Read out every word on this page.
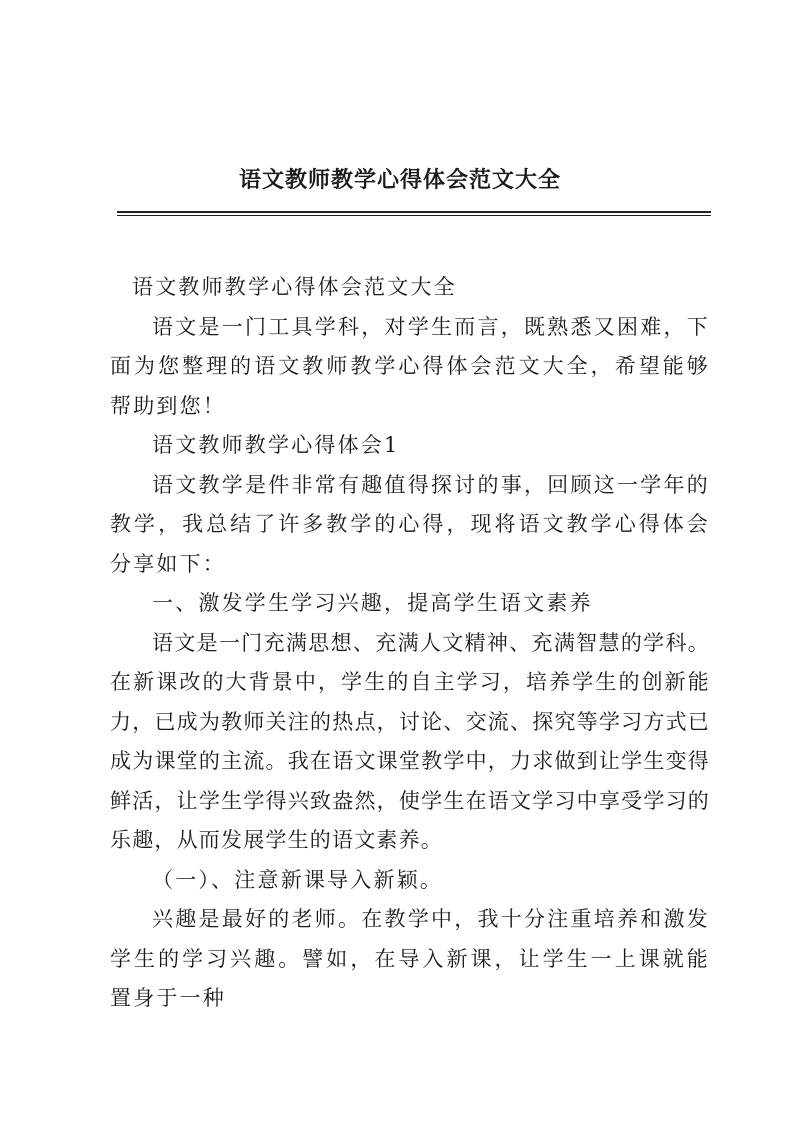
语文教师教学心得体会范文大全

语文教师教学心得体会范文大全

语文是一门工具学科，对学生而言，既熟悉又困难，下面为您整理的语文教师教学心得体会范文大全，希望能够帮助到您！

语文教师教学心得体会1

语文教学是件非常有趣值得探讨的事，回顾这一学年的教学，我总结了许多教学的心得，现将语文教学心得体会分享如下：

一、激发学生学习兴趣，提高学生语文素养

语文是一门充满思想、充满人文精神、充满智慧的学科。在新课改的大背景中，学生的自主学习，培养学生的创新能力，已成为教师关注的热点，讨论、交流、探究等学习方式已成为课堂的主流。我在语文课堂教学中，力求做到让学生变得鲜活，让学生学得兴致盎然，使学生在语文学习中享受学习的乐趣，从而发展学生的语文素养。

（一）、注意新课导入新颖。

兴趣是最好的老师。在教学中，我十分注重培养和激发学生的学习兴趣。譬如，在导入新课，让学生一上课就能置身于一种
